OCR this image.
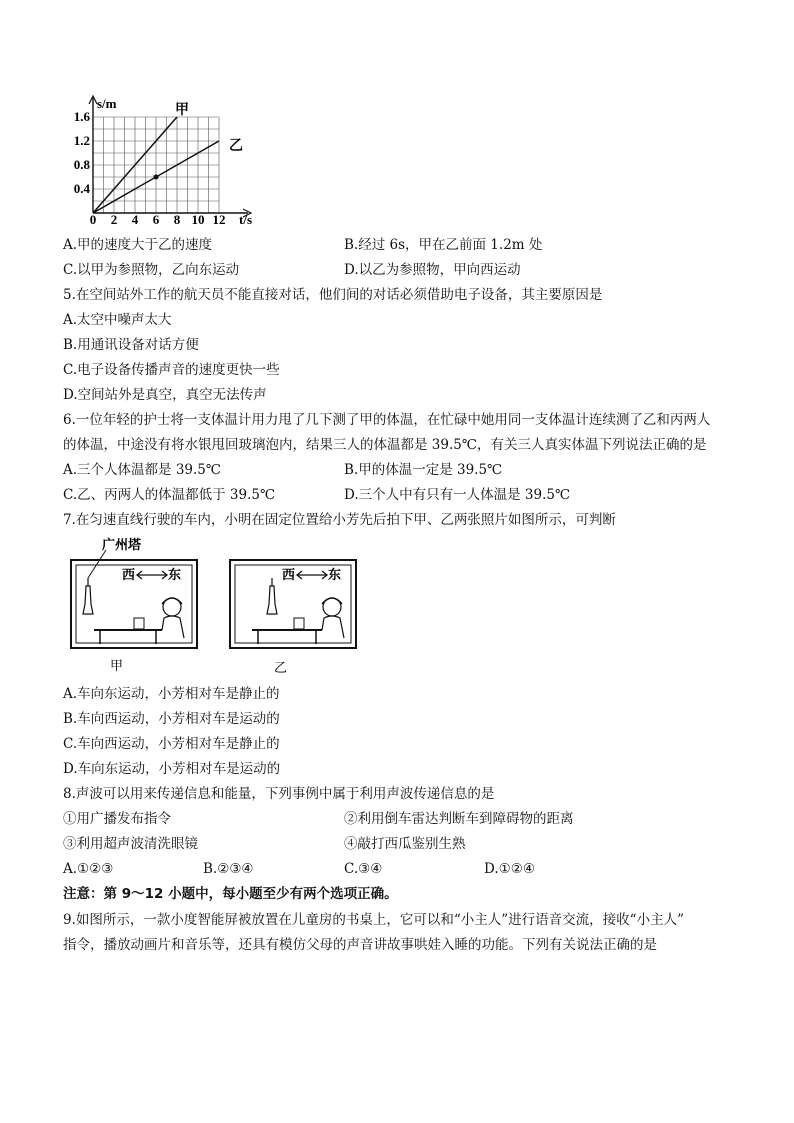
s/m
t/s
1.6
1.2
0.8
0.4
0 2 4 6 8 10 12
甲
乙
A.甲的速度大于乙的速度	B.经过 6s，甲在乙前面 1.2m 处
C.以甲为参照物，乙向东运动	D.以乙为参照物，甲向西运动
5.在空间站外工作的航天员不能直接对话，他们间的对话必须借助电子设备，其主要原因是
A.太空中噪声太大
B.用通讯设备对话方便
C.电子设备传播声音的速度更快一些
D.空间站外是真空，真空无法传声
6.一位年轻的护士将一支体温计用力甩了几下测了甲的体温，在忙碌中她用同一支体温计连续测了乙和丙两人
的体温，中途没有将水银甩回玻璃泡内，结果三人的体温都是 39.5℃，有关三人真实体温下列说法正确的是
A.三个人体温都是 39.5℃	B.甲的体温一定是 39.5℃
C.乙、丙两人的体温都低于 39.5℃	D.三个人中有只有一人体温是 39.5℃
7.在匀速直线行驶的车内，小明在固定位置给小芳先后拍下甲、乙两张照片如图所示，可判断
广州塔
西	东
甲
西	东
乙
A.车向东运动，小芳相对车是静止的
B.车向西运动，小芳相对车是运动的
C.车向西运动，小芳相对车是静止的
D.车向东运动，小芳相对车是运动的
8.声波可以用来传递信息和能量，下列事例中属于利用声波传递信息的是
①用广播发布指令	②利用倒车雷达判断车到障碍物的距离
③利用超声波清洗眼镜	④敲打西瓜鉴别生熟
A.①②③	B.②③④	C.③④	D.①②④
注意：第 9～12 小题中，每小题至少有两个选项正确。
9.如图所示，一款小度智能屏被放置在儿童房的书桌上，它可以和“小主人”进行语音交流，接收“小主人”
指令，播放动画片和音乐等，还具有模仿父母的声音讲故事哄娃入睡的功能。下列有关说法正确的是
